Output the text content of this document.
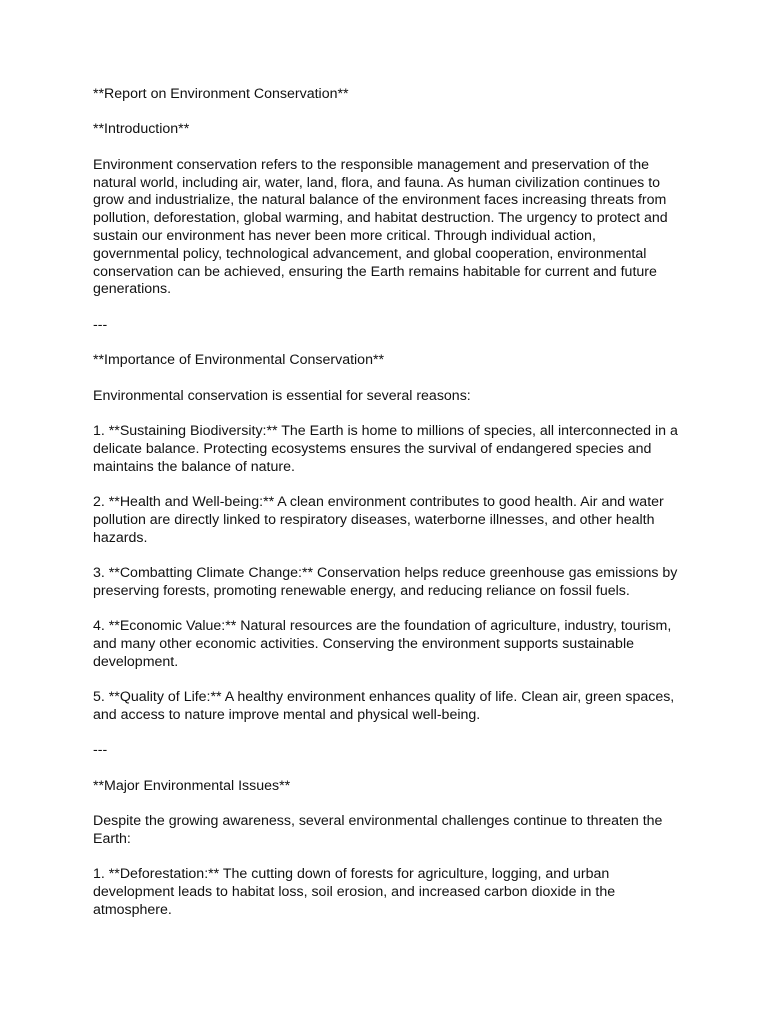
**Report on Environment Conservation**

**Introduction**

Environment conservation refers to the responsible management and preservation of the natural world, including air, water, land, flora, and fauna. As human civilization continues to grow and industrialize, the natural balance of the environment faces increasing threats from pollution, deforestation, global warming, and habitat destruction. The urgency to protect and sustain our environment has never been more critical. Through individual action, governmental policy, technological advancement, and global cooperation, environmental conservation can be achieved, ensuring the Earth remains habitable for current and future generations.

---

**Importance of Environmental Conservation**

Environmental conservation is essential for several reasons:

1. **Sustaining Biodiversity:** The Earth is home to millions of species, all interconnected in a delicate balance. Protecting ecosystems ensures the survival of endangered species and maintains the balance of nature.

2. **Health and Well-being:** A clean environment contributes to good health. Air and water pollution are directly linked to respiratory diseases, waterborne illnesses, and other health hazards.

3. **Combatting Climate Change:** Conservation helps reduce greenhouse gas emissions by preserving forests, promoting renewable energy, and reducing reliance on fossil fuels.

4. **Economic Value:** Natural resources are the foundation of agriculture, industry, tourism, and many other economic activities. Conserving the environment supports sustainable development.

5. **Quality of Life:** A healthy environment enhances quality of life. Clean air, green spaces, and access to nature improve mental and physical well-being.

---

**Major Environmental Issues**

Despite the growing awareness, several environmental challenges continue to threaten the Earth:

1. **Deforestation:** The cutting down of forests for agriculture, logging, and urban development leads to habitat loss, soil erosion, and increased carbon dioxide in the atmosphere.
